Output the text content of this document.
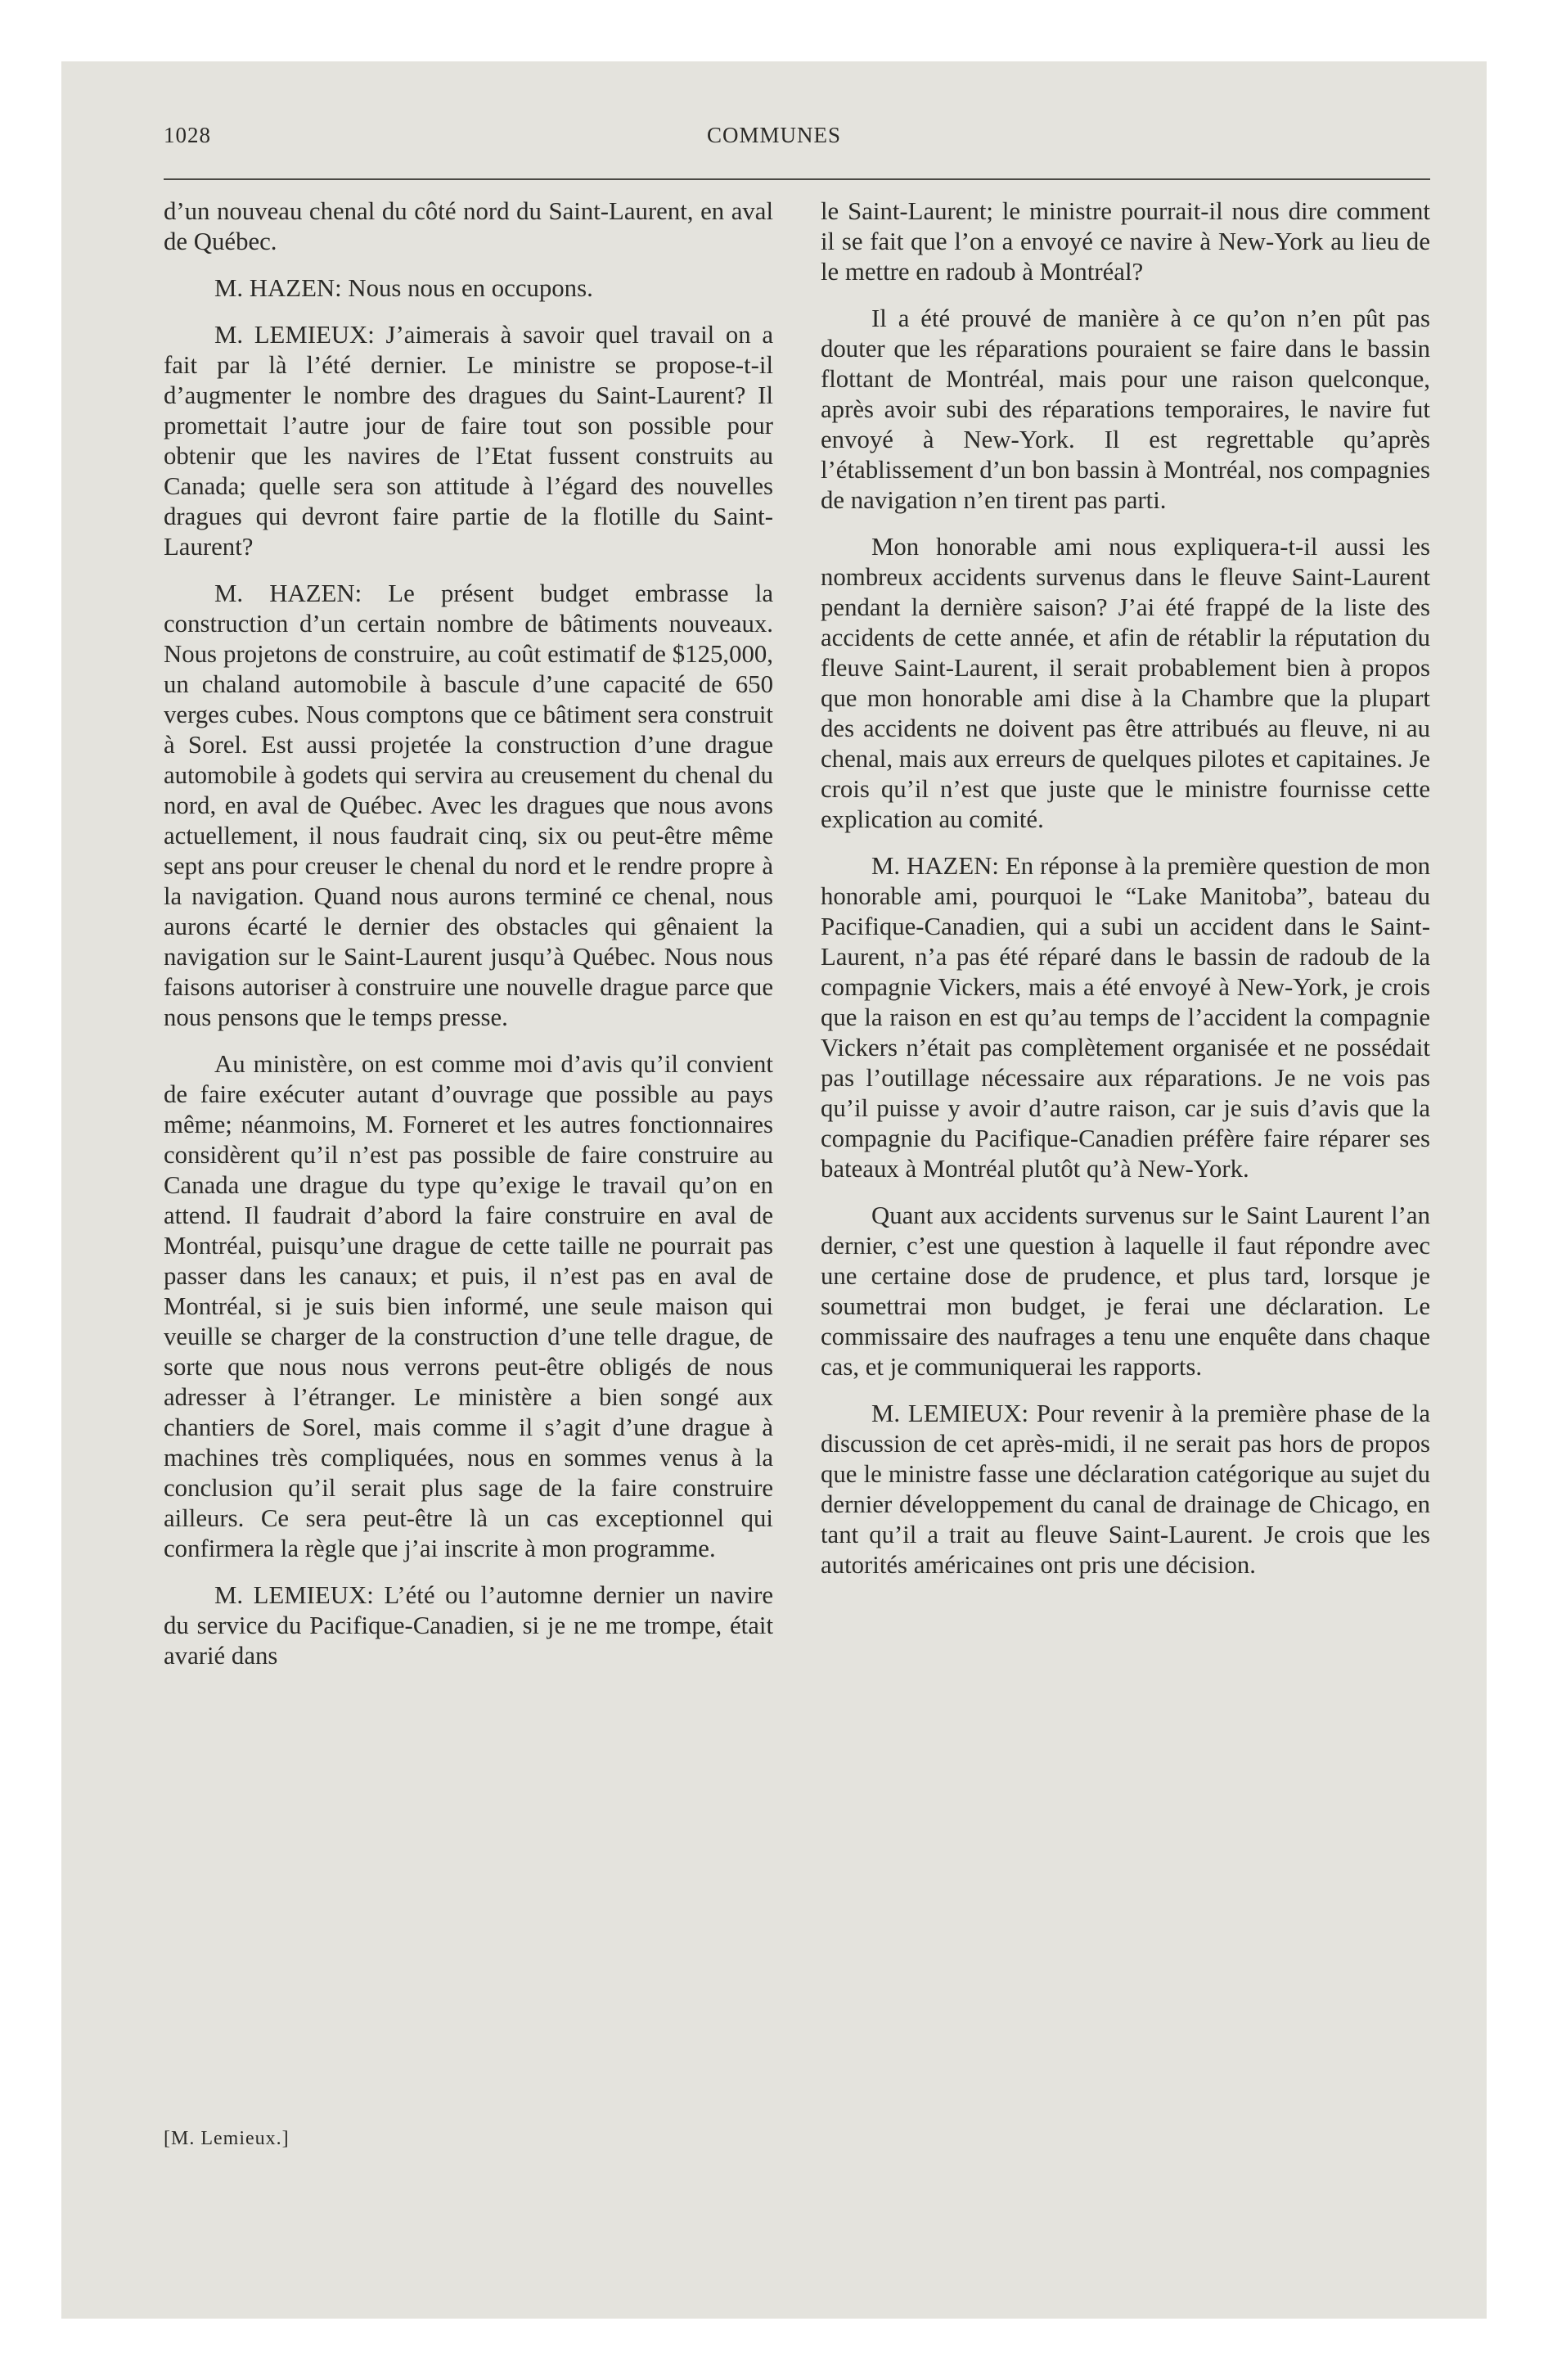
1028	COMMUNES

d’un nouveau chenal du côté nord du Saint-Laurent, en aval de Québec.

M. HAZEN: Nous nous en occupons.

M. LEMIEUX: J’aimerais à savoir quel travail on a fait par là l’été dernier. Le ministre se propose-t-il d’augmenter le nombre des dragues du Saint-Laurent? Il promettait l’autre jour de faire tout son possible pour obtenir que les navires de l’Etat fussent construits au Canada; quelle sera son attitude à l’égard des nouvelles dragues qui devront faire partie de la flotille du Saint-Laurent?

M. HAZEN: Le présent budget embrasse la construction d’un certain nombre de bâtiments nouveaux. Nous projetons de construire, au coût estimatif de $125,000, un chaland automobile à bascule d’une capacité de 650 verges cubes. Nous comptons que ce bâtiment sera construit à Sorel. Est aussi projetée la construction d’une drague automobile à godets qui servira au creusement du chenal du nord, en aval de Québec. Avec les dragues que nous avons actuellement, il nous faudrait cinq, six ou peut-être même sept ans pour creuser le chenal du nord et le rendre propre à la navigation. Quand nous aurons terminé ce chenal, nous aurons écarté le dernier des obstacles qui gênaient la navigation sur le Saint-Laurent jusqu’à Québec. Nous nous faisons autoriser à construire une nouvelle drague parce que nous pensons que le temps presse.

Au ministère, on est comme moi d’avis qu’il convient de faire exécuter autant d’ouvrage que possible au pays même; néanmoins, M. Forneret et les autres fonctionnaires considèrent qu’il n’est pas possible de faire construire au Canada une drague du type qu’exige le travail qu’on en attend. Il faudrait d’abord la faire construire en aval de Montréal, puisqu’une drague de cette taille ne pourrait pas passer dans les canaux; et puis, il n’est pas en aval de Montréal, si je suis bien informé, une seule maison qui veuille se charger de la construction d’une telle drague, de sorte que nous nous verrons peut-être obligés de nous adresser à l’étranger. Le ministère a bien songé aux chantiers de Sorel, mais comme il s’agit d’une drague à machines très compliquées, nous en sommes venus à la conclusion qu’il serait plus sage de la faire construire ailleurs. Ce sera peut-être là un cas exceptionnel qui confirmera la règle que j’ai inscrite à mon programme.

M. LEMIEUX: L’été ou l’automne dernier un navire du service du Pacifique-Canadien, si je ne me trompe, était avarié dans

le Saint-Laurent; le ministre pourrait-il nous dire comment il se fait que l’on a envoyé ce navire à New-York au lieu de le mettre en radoub à Montréal?

Il a été prouvé de manière à ce qu’on n’en pût pas douter que les réparations pouraient se faire dans le bassin flottant de Montréal, mais pour une raison quelconque, après avoir subi des réparations temporaires, le navire fut envoyé à New-York. Il est regrettable qu’après l’établissement d’un bon bassin à Montréal, nos compagnies de navigation n’en tirent pas parti.

Mon honorable ami nous expliquera-t-il aussi les nombreux accidents survenus dans le fleuve Saint-Laurent pendant la dernière saison? J’ai été frappé de la liste des accidents de cette année, et afin de rétablir la réputation du fleuve Saint-Laurent, il serait probablement bien à propos que mon honorable ami dise à la Chambre que la plupart des accidents ne doivent pas être attribués au fleuve, ni au chenal, mais aux erreurs de quelques pilotes et capitaines. Je crois qu’il n’est que juste que le ministre fournisse cette explication au comité.

M. HAZEN: En réponse à la première question de mon honorable ami, pourquoi le “Lake Manitoba”, bateau du Pacifique-Canadien, qui a subi un accident dans le Saint-Laurent, n’a pas été réparé dans le bassin de radoub de la compagnie Vickers, mais a été envoyé à New-York, je crois que la raison en est qu’au temps de l’accident la compagnie Vickers n’était pas complètement organisée et ne possédait pas l’outillage nécessaire aux réparations. Je ne vois pas qu’il puisse y avoir d’autre raison, car je suis d’avis que la compagnie du Pacifique-Canadien préfère faire réparer ses bateaux à Montréal plutôt qu’à New-York.

Quant aux accidents survenus sur le Saint Laurent l’an dernier, c’est une question à laquelle il faut répondre avec une certaine dose de prudence, et plus tard, lorsque je soumettrai mon budget, je ferai une déclaration. Le commissaire des naufrages a tenu une enquête dans chaque cas, et je communiquerai les rapports.

M. LEMIEUX: Pour revenir à la première phase de la discussion de cet après-midi, il ne serait pas hors de propos que le ministre fasse une déclaration catégorique au sujet du dernier développement du canal de drainage de Chicago, en tant qu’il a trait au fleuve Saint-Laurent. Je crois que les autorités américaines ont pris une décision.

[M. Lemieux.]
